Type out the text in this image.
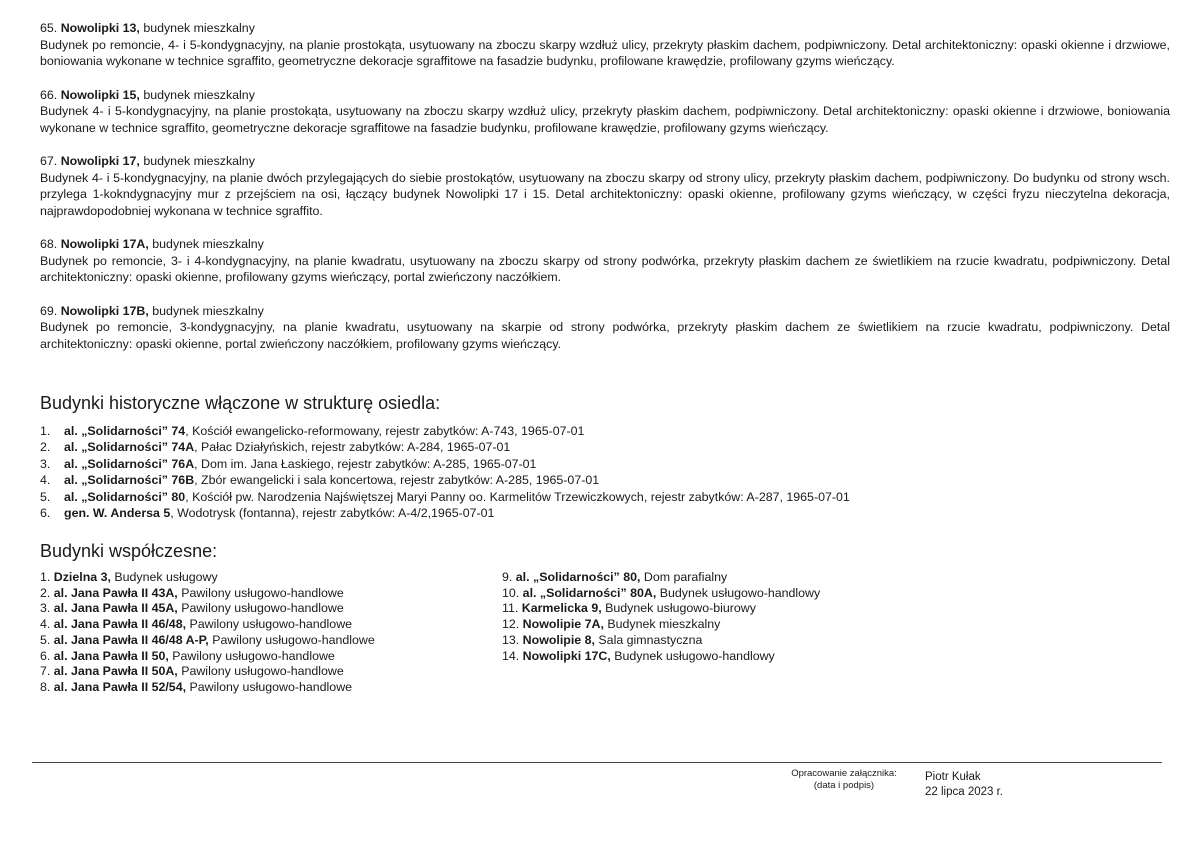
65. Nowolipki 13, budynek mieszkalny
Budynek po remoncie, 4- i 5-kondygnacyjny, na planie prostokąta, usytuowany na zboczu skarpy wzdłuż ulicy, przekryty płaskim dachem, podpiwniczony. Detal architektoniczny: opaski okienne i drzwiowe, boniowania wykonane w technice sgraffito, geometryczne dekoracje sgraffitowe na fasadzie budynku, profilowane krawędzie, profilowany gzyms wieńczący.
66. Nowolipki 15, budynek mieszkalny
Budynek 4- i 5-kondygnacyjny, na planie prostokąta, usytuowany na zboczu skarpy wzdłuż ulicy, przekryty płaskim dachem, podpiwniczony. Detal architektoniczny: opaski okienne i drzwiowe, boniowania wykonane w technice sgraffito, geometryczne dekoracje sgraffitowe na fasadzie budynku, profilowane krawędzie, profilowany gzyms wieńczący.
67. Nowolipki 17, budynek mieszkalny
Budynek 4- i 5-kondygnacyjny, na planie dwóch przylegających do siebie prostokątów, usytuowany na zboczu skarpy od strony ulicy, przekryty płaskim dachem, podpiwniczony. Do budynku od strony wsch. przylega 1-kokndygnacyjny mur z przejściem na osi, łączący budynek Nowolipki 17 i 15. Detal architektoniczny: opaski okienne, profilowany gzyms wieńczący, w części fryzu nieczytelna dekoracja, najprawdopodobniej wykonana w technice sgraffito.
68. Nowolipki 17A, budynek mieszkalny
Budynek po remoncie, 3- i 4-kondygnacyjny, na planie kwadratu, usytuowany na zboczu skarpy od strony podwórka, przekryty płaskim dachem ze świetlikiem na rzucie kwadratu, podpiwniczony. Detal architektoniczny: opaski okienne, profilowany gzyms wieńczący, portal zwieńczony naczółkiem.
69. Nowolipki 17B, budynek mieszkalny
Budynek po remoncie, 3-kondygnacyjny, na planie kwadratu, usytuowany na skarpie od strony podwórka, przekryty płaskim dachem ze świetlikiem na rzucie kwadratu, podpiwniczony. Detal architektoniczny: opaski okienne, portal zwieńczony naczółkiem, profilowany gzyms wieńczący.
Budynki historyczne włączone w strukturę osiedla:
1. al. „Solidarności” 74, Kościół ewangelicko-reformowany, rejestr zabytków: A-743, 1965-07-01
2. al. „Solidarności” 74A, Pałac Działyńskich, rejestr zabytków: A-284, 1965-07-01
3. al. „Solidarności” 76A, Dom im. Jana Łaskiego, rejestr zabytków: A-285, 1965-07-01
4. al. „Solidarności” 76B, Zbór ewangelicki i sala koncertowa, rejestr zabytków: A-285, 1965-07-01
5. al. „Solidarności” 80, Kościół pw. Narodzenia Najświętszej Maryi Panny oo. Karmelitów Trzewiczkowych, rejestr zabytków: A-287, 1965-07-01
6. gen. W. Andersa 5, Wodotrysk (fontanna), rejestr zabytków: A-4/2,1965-07-01
Budynki współczesne:
1. Dzielna 3, Budynek usługowy
2. al. Jana Pawła II 43A, Pawilony usługowo-handlowe
3. al. Jana Pawła II 45A, Pawilony usługowo-handlowe
4. al. Jana Pawła II 46/48, Pawilony usługowo-handlowe
5. al. Jana Pawła II 46/48 A-P, Pawilony usługowo-handlowe
6. al. Jana Pawła II 50, Pawilony usługowo-handlowe
7. al. Jana Pawła II 50A, Pawilony usługowo-handlowe
8. al. Jana Pawła II 52/54, Pawilony usługowo-handlowe
9. al. „Solidarności” 80, Dom parafialny
10. al. „Solidarności” 80A, Budynek usługowo-handlowy
11. Karmelicka 9, Budynek usługowo-biurowy
12. Nowolipie 7A, Budynek mieszkalny
13. Nowolipie 8, Sala gimnastyczna
14. Nowolipki 17C, Budynek usługowo-handlowy
Opracowanie załącznika:
(data i podpis)
Piotr Kułak
22 lipca 2023 r.
